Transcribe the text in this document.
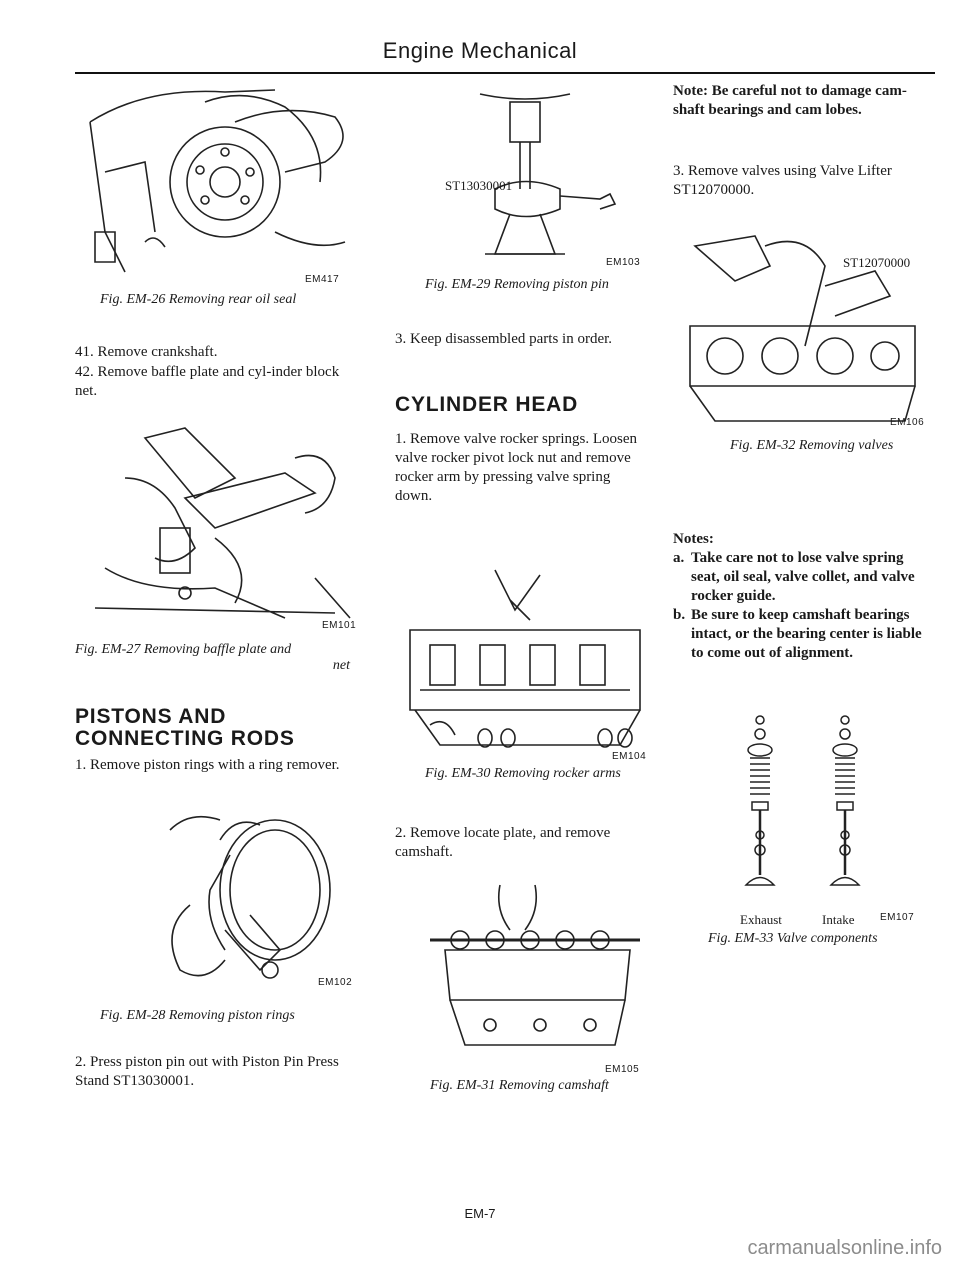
Engine Mechanical
EM417
Fig. EM-26 Removing rear oil seal
41. Remove crankshaft.
42. Remove baffle plate and cyl-inder block net.
EM101
Fig. EM-27 Removing baffle plate and
net
PISTONS AND
CONNECTING RODS
1. Remove piston rings with a ring remover.
EM102
Fig. EM-28 Removing piston rings
2. Press piston pin out with Piston Pin Press Stand ST13030001.
ST13030001
EM103
Fig. EM-29 Removing piston pin
3. Keep disassembled parts in order.
CYLINDER HEAD
1. Remove valve rocker springs. Loosen valve rocker pivot lock nut and remove rocker arm by pressing valve spring down.
EM104
Fig. EM-30 Removing rocker arms
2. Remove locate plate, and remove camshaft.
EM105
Fig. EM-31 Removing camshaft
Note: Be careful not to damage cam-shaft bearings and cam lobes.
3. Remove valves using Valve Lifter ST12070000.
ST12070000
EM106
Fig. EM-32 Removing valves
Notes:
a. Take care not to lose valve spring seat, oil seal, valve collet, and valve rocker guide.
b. Be sure to keep camshaft bearings intact, or the bearing center is liable to come out of alignment.
Exhaust	Intake	EM107
Fig. EM-33 Valve components
EM-7
carmanualsonline.info
